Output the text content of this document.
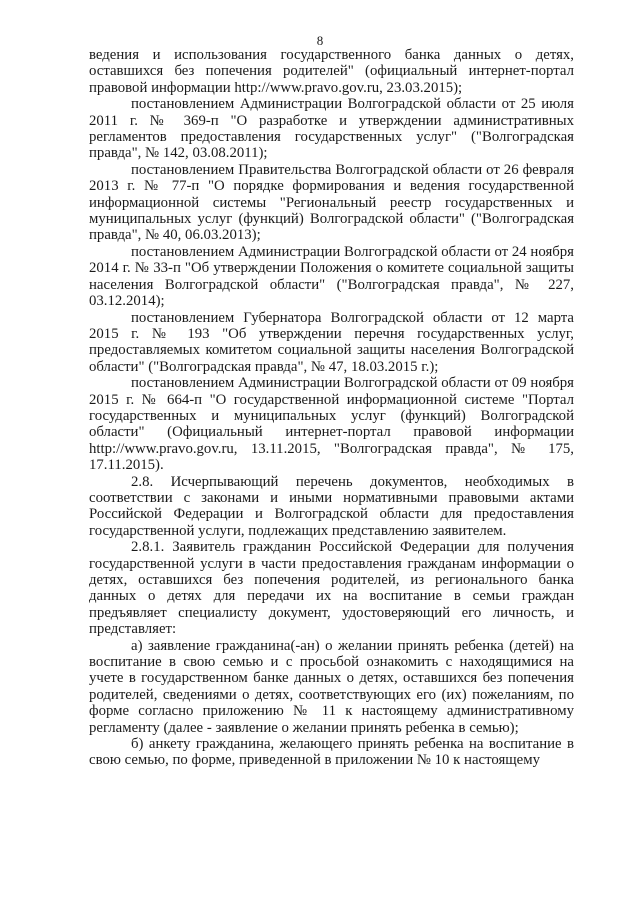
8

ведения и использования государственного банка данных о детях, оставшихся без попечения родителей" (официальный интернет-портал правовой информации http://www.pravo.gov.ru, 23.03.2015);

постановлением Администрации Волгоградской области от 25 июля 2011 г. № 369-п "О разработке и утверждении административных регламентов предоставления государственных услуг" ("Волгоградская правда", № 142, 03.08.2011);

постановлением Правительства Волгоградской области от 26 февраля 2013 г. № 77-п "О порядке формирования и ведения государственной информационной системы "Региональный реестр государственных и муниципальных услуг (функций) Волгоградской области" ("Волгоградская правда", № 40, 06.03.2013);

постановлением Администрации Волгоградской области от 24 ноября 2014 г. № 33-п "Об утверждении Положения о комитете социальной защиты населения Волгоградской области" ("Волгоградская правда", № 227, 03.12.2014);

постановлением Губернатора Волгоградской области от 12 марта 2015 г. № 193 "Об утверждении перечня государственных услуг, предоставляемых комитетом социальной защиты населения Волгоградской области" ("Волгоградская правда", № 47, 18.03.2015 г.);

постановлением Администрации Волгоградской области от 09 ноября 2015 г. № 664-п "О государственной информационной системе "Портал государственных и муниципальных услуг (функций) Волгоградской области" (Официальный интернет-портал правовой информации http://www.pravo.gov.ru, 13.11.2015, "Волгоградская правда", № 175, 17.11.2015).

2.8. Исчерпывающий перечень документов, необходимых в соответствии с законами и иными нормативными правовыми актами Российской Федерации и Волгоградской области для предоставления государственной услуги, подлежащих представлению заявителем.

2.8.1. Заявитель гражданин Российской Федерации для получения государственной услуги в части предоставления гражданам информации о детях, оставшихся без попечения родителей, из регионального банка данных о детях для передачи их на воспитание в семьи граждан предъявляет специалисту документ, удостоверяющий его личность, и представляет:

а) заявление гражданина(-ан) о желании принять ребенка (детей) на воспитание в свою семью и с просьбой ознакомить с находящимися на учете в государственном банке данных о детях, оставшихся без попечения родителей, сведениями о детях, соответствующих его (их) пожеланиям, по форме согласно приложению № 11 к настоящему административному регламенту (далее - заявление о желании принять ребенка в семью);

б) анкету гражданина, желающего принять ребенка на воспитание в свою семью, по форме, приведенной в приложении № 10 к настоящему
